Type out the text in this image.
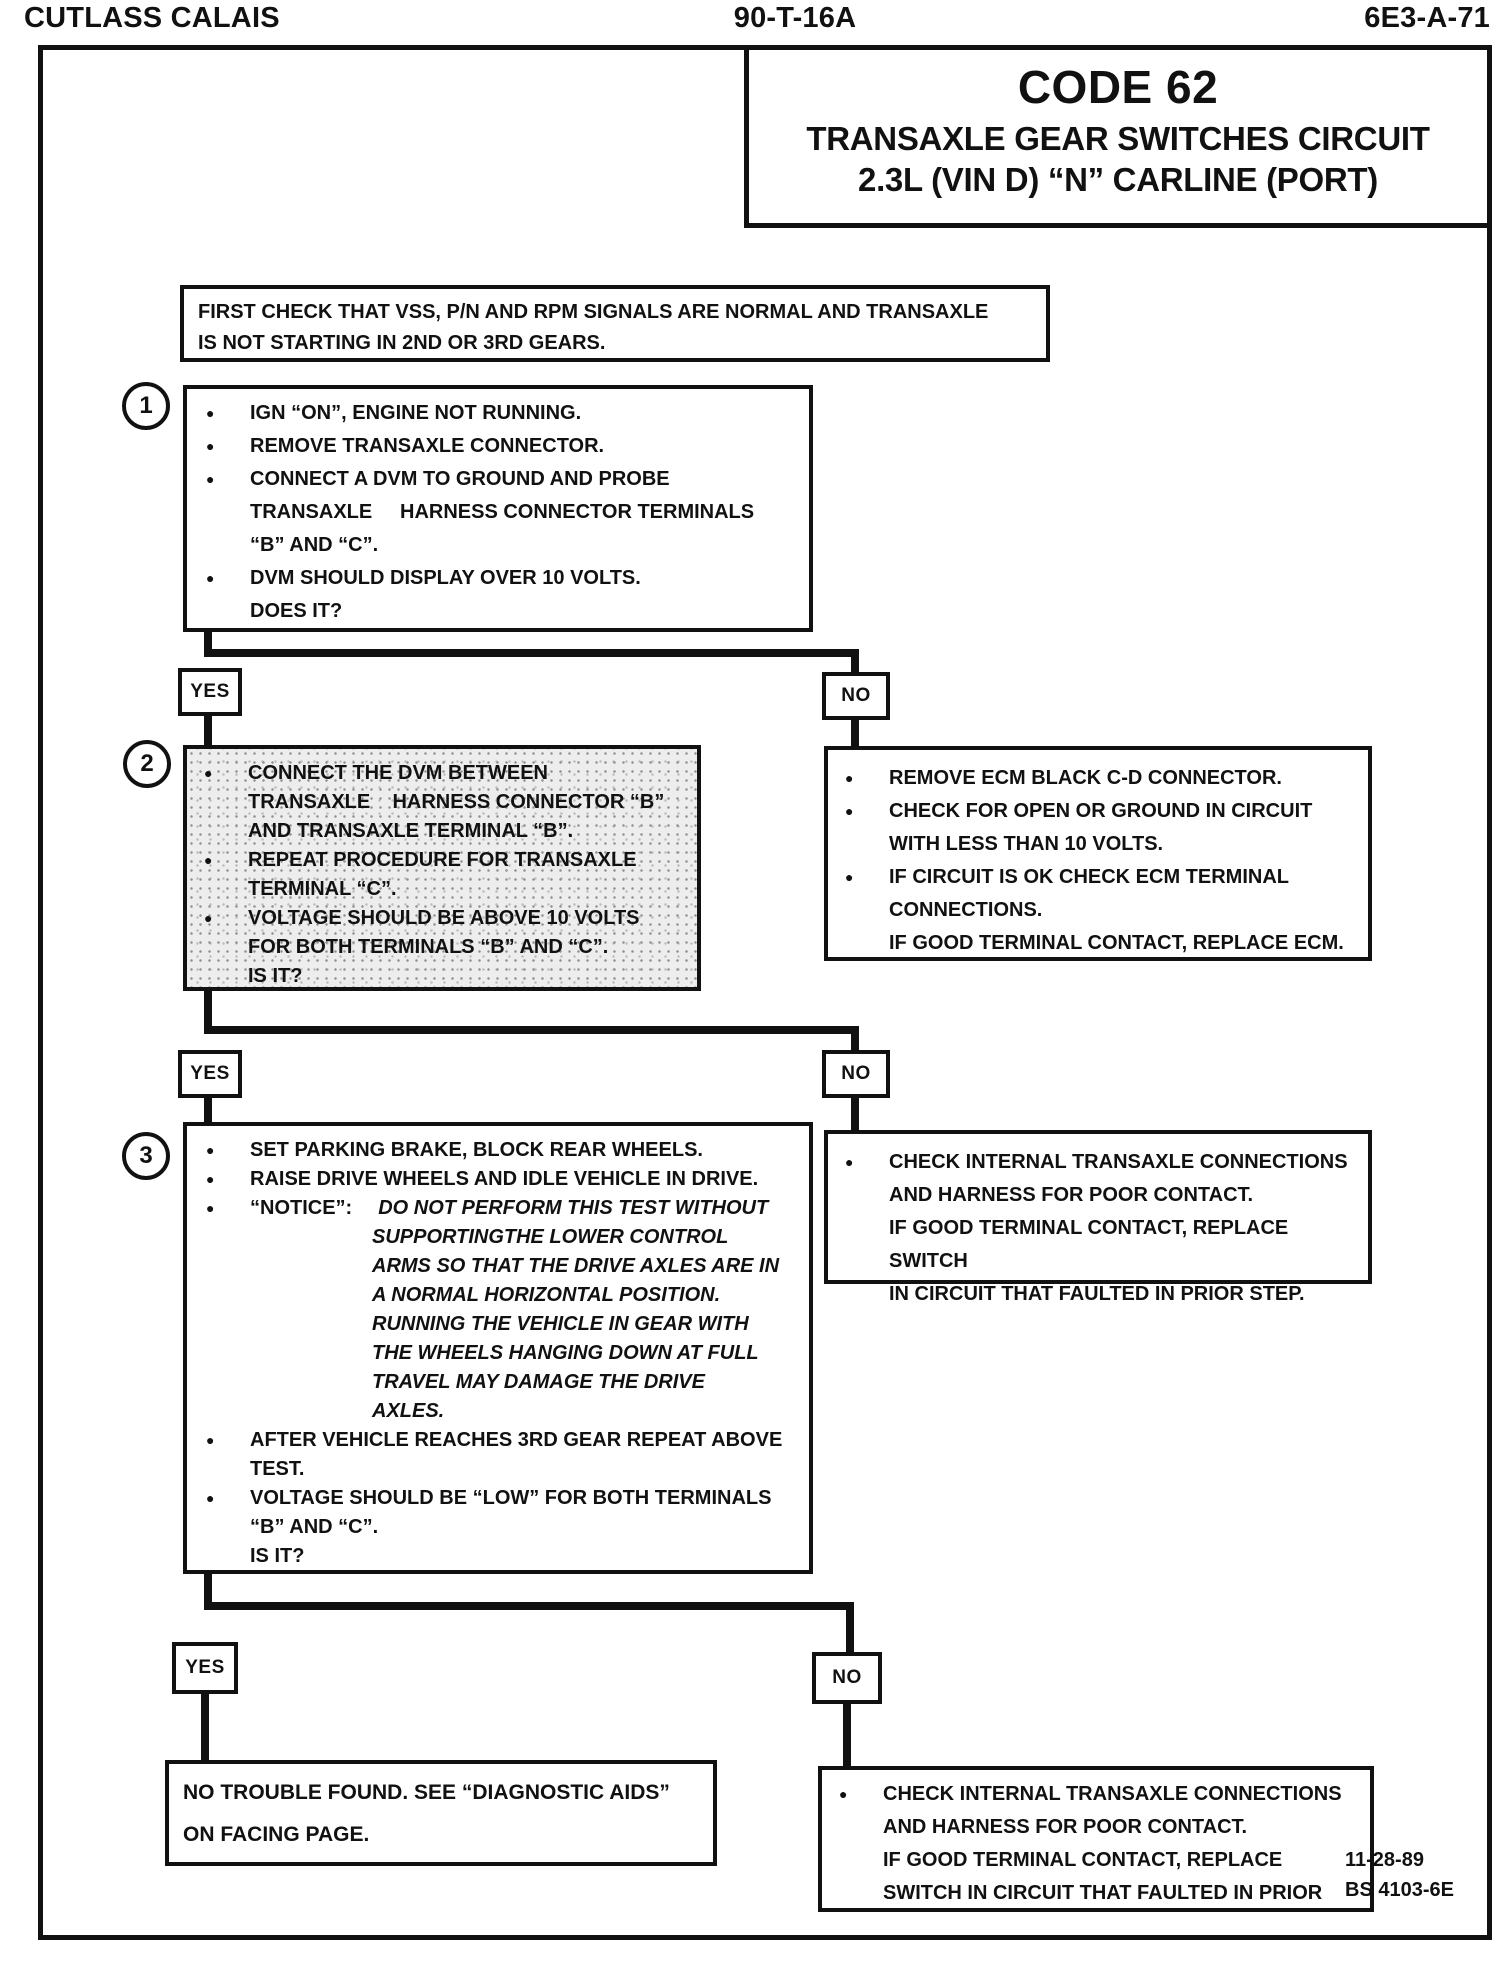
CUTLASS CALAIS	90-T-16A	6E3-A-71
CODE 62
TRANSAXLE GEAR SWITCHES CIRCUIT
2.3L (VIN D) “N” CARLINE (PORT)
FIRST CHECK THAT VSS, P/N AND RPM SIGNALS ARE NORMAL AND TRANSAXLE
IS NOT STARTING IN 2ND OR 3RD GEARS.
1	●	IGN “ON”, ENGINE NOT RUNNING.
●	REMOVE TRANSAXLE CONNECTOR.
●	CONNECT A DVM TO GROUND AND PROBE
TRANSAXLE     HARNESS CONNECTOR TERMINALS
“B” AND “C”.
●	DVM SHOULD DISPLAY OVER 10 VOLTS.
DOES IT?
YES	NO
2	●	CONNECT THE DVM BETWEEN
TRANSAXLE    HARNESS CONNECTOR “B”
AND TRANSAXLE TERMINAL “B”.
●	REPEAT PROCEDURE FOR TRANSAXLE
TERMINAL “C”.
●	VOLTAGE SHOULD BE ABOVE 10 VOLTS
FOR BOTH TERMINALS “B” AND “C”.
IS IT?
●	REMOVE ECM BLACK C-D CONNECTOR.
●	CHECK FOR OPEN OR GROUND IN CIRCUIT
WITH LESS THAN 10 VOLTS.
●	IF CIRCUIT IS OK CHECK ECM TERMINAL
CONNECTIONS.
IF GOOD TERMINAL CONTACT, REPLACE ECM.
YES	NO
3	●	SET PARKING BRAKE, BLOCK REAR WHEELS.
●	RAISE DRIVE WHEELS AND IDLE VEHICLE IN DRIVE.
●	“NOTICE”: DO NOT PERFORM THIS TEST WITHOUT
SUPPORTINGTHE LOWER CONTROL
ARMS SO THAT THE DRIVE AXLES ARE IN
A NORMAL HORIZONTAL POSITION.
RUNNING THE VEHICLE IN GEAR WITH
THE WHEELS HANGING DOWN AT FULL
TRAVEL MAY DAMAGE THE DRIVE
AXLES.
●	AFTER VEHICLE REACHES 3RD GEAR REPEAT ABOVE
TEST.
●	VOLTAGE SHOULD BE “LOW” FOR BOTH TERMINALS
“B” AND “C”.
IS IT?
●	CHECK INTERNAL TRANSAXLE CONNECTIONS
AND HARNESS FOR POOR CONTACT.
IF GOOD TERMINAL CONTACT, REPLACE SWITCH
IN CIRCUIT THAT FAULTED IN PRIOR STEP.
YES	NO
NO TROUBLE FOUND. SEE “DIAGNOSTIC AIDS”
ON FACING PAGE.
●	CHECK INTERNAL TRANSAXLE CONNECTIONS
AND HARNESS FOR POOR CONTACT.
IF GOOD TERMINAL CONTACT, REPLACE
SWITCH IN CIRCUIT THAT FAULTED IN PRIOR
11-28-89
BS 4103-6E
